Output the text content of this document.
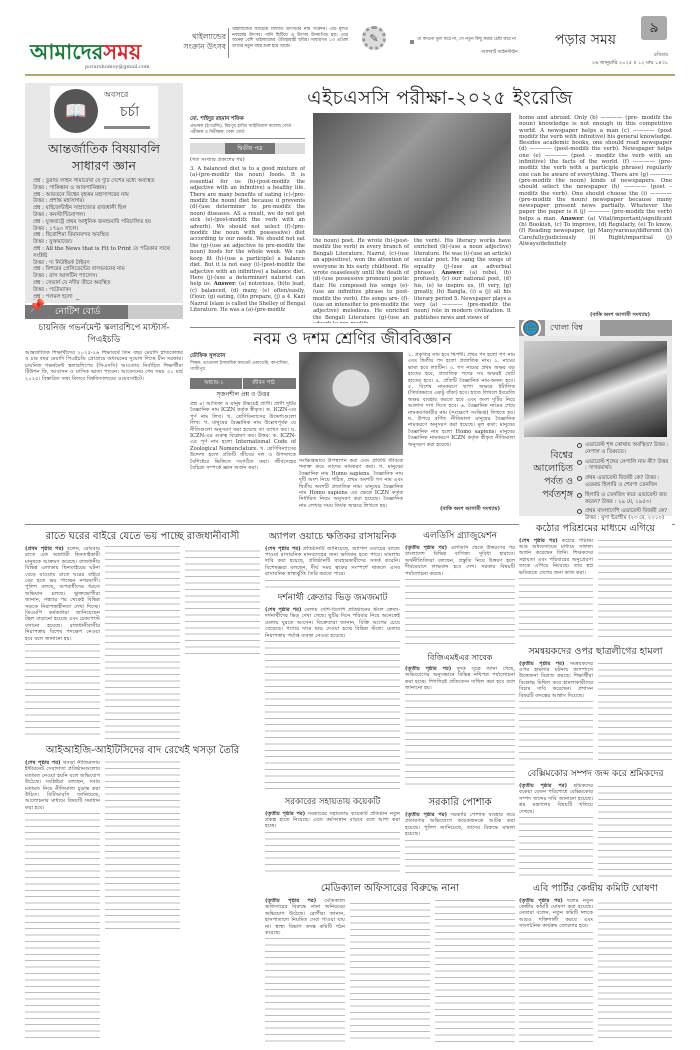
আমাদেরসময়
porarshomoy@gmail.com
থাইল্যান্ডের সংক্রান উৎসব
থাইল্যান্ডের সবচেয়ে বিখ্যাত উৎসবের নাম সংক্রান। এটি মূলত নববর্ষের উৎসব। পানি ছিটিয়ে এ উৎসব উদযাপিত হয়। এরে অনেক বেশি থাইল্যান্ডের ঐতিহ্যবাহী ছবির। সাধারণত ১৩ এপ্রিল তাদের নতুন বছর শুরু হয়ে থাকে।
✎	যে কখনো ভুল করে না, সে নতুন কিছু করার চেষ্টা করে না
-আলবার্ট আইনস্টাইন
পড়ার সময়
৯
রবিবার
২৬ জানুয়ারি ২০২৫ ॥ ১২ মাঘ ১৪৩১
📖
অবসরে
চর্চা
আন্তর্জাতিক বিষয়াবলি
সাধারণ জ্ঞান
প্রশ্ন : ডুরান্ড লাইন সীমারেখা যে দুটি দেশের মধ্যে অবস্থিত
উত্তর : পাকিস্তান ও আফগানিস্তান।
প্রশ্ন : আয়তনে বিশ্বের বৃহত্তম মহাসাগরের নাম
উত্তর : প্রশান্ত মহাসাগর।
প্রশ্ন : বাইজেন্টাইন সাম্রাজ্যের রাজধানী ছিল
উত্তর : কনস্টান্টিনোপল।
প্রশ্ন : যুক্তরাষ্ট্রে প্রথম আধুনিক জনশুমারি পরিচালিত হয়
উত্তর : ১৭৯০ সালে।
প্রশ্ন : হিরোশিমা বিমানবন্দর অবস্থিত
উত্তর : যুক্তরাজ্যে।
প্রশ্ন : All the News that is Fit to Print যে পত্রিকার সাথে সংশ্লিষ্ট
উত্তর : দ্য নিউইয়র্ক টাইমস
প্রশ্ন : মিশরের প্রেসিডেন্টের বাসভবনের নাম
উত্তর : রাস আলটিন প্যালেস।
প্রশ্ন : সেভার্ন যে নদীর তীরে অবস্থিত
উত্তর : পটোম্যাক।
প্রশ্ন : পলমল হলো
📌 নোটিশ বোর্ড
চায়নিজ গভর্নমেন্ট স্কলারশিপে মাস্টার্স-পিএইচডি
আন্তর্জাতিক শিক্ষার্থীদের ২০২৫-২৬ শিক্ষাবর্ষে তিন বছর মেয়াদি স্নাতকোত্তর ও চার বছর মেয়াদি পিএইচডি প্রোগ্রামে অধ্যয়নের সুযোগ দিচ্ছে চীন সরকার। চায়নিজ গভর্নমেন্ট স্কলারশিপের (সিএসসি) আওতায় নির্বাচিত শিক্ষার্থীরা টিউশন ফি, আবাসন ও মাসিক ভাতা পাবেন। আবেদনের শেষ সময় ৩১ মার্চ ২০২৫। বিস্তারিত তথ্য মিলবে বিশ্ববিদ্যালয়ের ওয়েবসাইটে।
এইচএসসি পরীক্ষা-২০২৫ ইংরেজি
মো. শাইদুর রহমান শফিক
প্রভাষক (ইংরেজি), মিরপুর হাবিব আইডিয়াল কলেজ বোর্ড পরীক্ষক ও নিরীক্ষক, ঢাকা বোর্ড
দ্বিতীয় পত্র
(গত সংখ্যার প্রকাশের পর)
3. A balanced diet is to a good mixture of (a)-(pre-modifz the noun) foods. It is essential for us (b)-(post-modifz the adjective with an infinitive) a healthy life. There are many benefits of eating (c)-(pre-modifz the noun) diet because it prevents (d)-(use determiner to pre-modifz the noun) diseases. AS a result, we do not get sick (e)-(post-modifz the verb with an adverb). We should not select (f)-(pre-modifz the noun with possessive) diet according to our needs. We should not eat the (g)-(use an adjective to pre-modifz the noun) foods for the whole week. We can keep fit (h)-(use a participle) a balance diet. But it is not easy (i)-(post-modifz the adjective with an infinitive) a balance diet. Here (j)-(use a determiner) naturist can help us. Answer: (a) notorious, (b)to lead, (c) balanced, (d) many, (e) often/easily, (f)our, (g) eating, (i)to prepare, (j) a 4. Kazi Nazrul Islam is called the Shelley of Bengal Literature. He was a (a)-(pre-modifz
the noun) poet. He wrote (b)-(post-modifz the verb) in every branch of Bengali Literature. Nazrul, (c)-(use an appositive), won the attention of everyone in his early childhood. He wrote ceaselessly until the death of (d)-(use possessive pronoun) poetic flair. He composed his songs (e)-(use an infinitive phrase to post-modifz the verb). His songs are- (f)-(use an intensifier to pre-modifz the adjective) melodious. He enriched the Bengali Literature (g)-(use an
the verb). His literary works have enriched (h)-(use a noun adjective) literature. He was (i)-(use an article) secular poet. He sang the songs of equality (j)-(use an adverbial phrase). Answer: (a) rebel, (b) profusely, (c) our national poet, (d) his, (e) to inspire us, (f) very, (g) greatly, (h) Bangla, (i) a (j) all his literary period 5. Newspaper plays a very (a) ———— (pre-modifz the noun) role in modern civilization. It publishes news and views of
home and abroad. Only (b) ———— (pre- modifz the noun) knowledge is not enough in this competitive world. A newspaper helps a man (c) ———— (post modifz the verb with infinitive) his general knowledge. Besides academic books, one should read newspaper (d) ———— (post-modifz the verb). Newspaper helps one (e) ———— (post – modifz the verb with an infinitive) the facts of the world. (f) ———— (pre-modifz the verb with a participle phrase) regularly one can be aware of everything. There are (g) ———— (pre-modifz the noun) kinds of newspapers. One should select the newspaper (h) ———— (post – modifz the verb). One should choose the (i) ———— (pre-modifz the noun) newspaper because many newspaper present news partially. Whatever the paper the paper is it (j) ———— (pre-modifz the verb) helps a man. Answer: (a) Vital/important/significant (b) Bookish, (c) To improve, (d) Regularly, (e) To know, (f) Reading newspaper, (g) Many/various/different (h) Carefully/judiciously (i) Right/imparitial (j) Always/definitely
(বাকি অংশ আগামী সংখ্যায়)
নবম ও দশম শ্রেণির জীববিজ্ঞান
তৌফিক সুলতান
শিক্ষক, ভাওয়াল ইসলামিক ক্যাডেট একাডেমি, কাপাসিয়া, গাজীপুর
অধ্যায়-১	জীবন পাঠ
সৃজনশীল প্রশ্ন ও উত্তর
প্রশ্ন ৪। আতিকা ও মানুষ উভয়েই প্রাণী। প্রাণী দুটির বৈজ্ঞানিক নাম ICZN কর্তৃক স্বীকৃত। ক. ICZN-এর পূর্ণ নাম লিখ। খ. শ্রেণিবিন্যাসের উদ্দেশ্যগুলো লিখ। গ. মানুষের বৈজ্ঞানিক নাম উল্লেখপূর্বক যে নীতিগুলো অনুসরণ করা হয়েছে তা ব্যাখ্যা কর। ঘ. ICZN-এর গুরুত্ব বিশ্লেষণ কর। উত্তর: ক. ICZN-এর পূর্ণ নাম হলো International Code of Zoological Nomenclature. খ. শ্রেণিবিন্যাসের উদ্দেশ্য হলো প্রতিটি জীবের দল ও উপদলকে বৈশিষ্ট্যের ভিত্তিতে সংগঠিত করা। জীবদেহের বৈচিত্র্য সম্পর্কে জ্ঞান অর্জন করা।
সংক্ষিপ্তভাবে উপস্থাপন করা এবং প্রতিটি জীবকে শনাক্ত করে তাদের নামকরণ করা। গ. মানুষের বৈজ্ঞানিক নাম Homo sapiens. বৈজ্ঞানিক নাম দুটি অংশ নিয়ে গঠিত, প্রথম অংশটি গণ নাম এবং দ্বিতীয় অংশটি প্রজাতিক নাম। মানুষের বৈজ্ঞানিক নাম Homo sapiens এর ক্ষেত্রে ICZN কর্তৃক নির্ধারিত নিয়ম অনুসরণ করা হয়েছে। বৈজ্ঞানিক নাম লেখার সময় তির্যক অক্ষরে লিখতে হয়।
১. প্রকৃতির নাম হবে দ্বিপদী। প্রথম পদ হলো গণ নাম এবং দ্বিতীয় পদ হলো প্রজাতিক নাম। ২. নামের ভাষা হবে ল্যাটিন। ৩. গণ নামের প্রথম অক্ষর বড় হাতের হবে, প্রজাতিক পদের সব অক্ষরই ছোট হাতের হবে। ৪. প্রতিটি বৈজ্ঞানিক নাম-অনন্য হবে। ৫. বিশেষ নামকরণে ছাপা অক্ষরে ইটালিক (তির্যকভাবে একটু বাঁকা) হবে। হাতে লিখলে ইংরেজি অক্ষর ব্যবহার করতে হবে এবং অংশ দুটির নিচে আলাদা দাগ দিতে হবে। ৬. বৈজ্ঞানিক নামের শেষে নামকরণকারীর নাম (সংক্ষেপে সংক্ষিপ্ত) লিখতে হয়। ঘ. উপরে বর্ণিত নীতিমালা মানুষের বৈজ্ঞানিক নামকরণে অনুসরণ করা হয়েছে। মূল কথা: মানুষের বৈজ্ঞানিক নাম হলো Homo sapiens। মানুষের বৈজ্ঞানিক নামকরণে ICZN কর্তৃক স্বীকৃত নীতিমালা অনুসরণ করা হয়েছে।
(বাকি অংশ আগামী সংখ্যায়)
🌐	খোলা বিশ্ব
বিশ্বের আলোচিত পর্বত ও পর্বতশৃঙ্গ
এভারেস্ট শৃঙ্গ কোথায় অবস্থিত? উত্তর : নেপাল ও তিব্বতে।
এভারেস্ট শৃঙ্গের নেপালি নাম কী? উত্তর : সাগরমাথা।
প্রথম এভারেস্ট বিজয়ী কে? উত্তর : এডমন্ড হিলারি ও শেরপা তেনজিং
হিলারি ও তেনজিং কবে এভারেস্ট জয় করেন? উত্তর : ২৯ মে, ১৯৫৩।
প্রথম বাংলাদেশি এভারেস্ট বিজয়ী কে? উত্তর : মুসা ইব্রাহীম (২৩ মে, ২০১০)
রাতে ঘরের বাইরে যেতে ভয় পাচ্ছে রাজধানীবাসী
(প্রথম পৃষ্ঠার পর) বলেন, রোববার রাতে এক অস্ত্রধারী ছিনতাইকারী মানুষকে আক্রমণ করেছে। রাজধানীর বিভিন্ন এলাকায় ছিনতাইয়ের ঘটনা বেড়ে যাওয়ায় রাতে ঘরের বাইরে বের হতে ভয় পাচ্ছেন নগরবাসী। পুলিশ বলছে, অপরাধীদের ধরতে অভিযান চলছে। ভুক্তভোগীরা জানান, সন্ধ্যার পর থেকেই বিভিন্ন সড়কে নিরাপত্তাহীনতা দেখা দিচ্ছে। ডিএমপি কর্মকর্তারা জানিয়েছেন টহল বাড়ানো হয়েছে এবং চেকপোস্ট বসানো হয়েছে। রাজধানীবাসীর নিরাপত্তায় বিশেষ পদক্ষেপ নেওয়া হবে বলে জানানো হয়।
অ্যাপল ওয়াচে ক্ষতিকর রাসায়নিক
(শেষ পৃষ্ঠার পর) প্রতিষ্ঠানটি জানিয়েছে, অ্যাপল ওয়াচের ব্যান্ডে পাওয়া রাসায়নিক মানবদেহের জন্য ক্ষতিকর হতে পারে। মামলায় দাবি করা হয়েছে, প্রতিষ্ঠানটি ব্যবহারকারীদের সতর্ক করেনি। বিশেষজ্ঞরা বলছেন, দীর্ঘ সময় ত্বকের সংস্পর্শে থাকলে এসব রাসায়নিক স্বাস্থ্যঝুঁকি তৈরি করতে পারে।
দর্শনার্থী ক্রেতার ভিড় জমজমাট
(শেষ পৃষ্ঠার পর) মেলায় দেশি-বিদেশি প্রতিষ্ঠানের স্টলে ক্রেতা-দর্শনার্থীদের ভিড় দেখা গেছে। ছুটির দিনে পরিবার নিয়ে অনেকেই মেলায় ঘুরতে আসেন। বিক্রেতারা জানান, বিক্রি আগের চেয়ে বেড়েছে। পণ্যের দামে ছাড় দেওয়া হচ্ছে বিভিন্ন স্টলে। মেলার নিরাপত্তায় পর্যাপ্ত ব্যবস্থা নেওয়া হয়েছে।
এলডিসি গ্র্যাজুয়েশন
(তৃতীয় পৃষ্ঠার পর) এলডিসি থেকে উত্তরণের পর বাংলাদেশ বিভিন্ন বাণিজ্য সুবিধা হারাবে। অর্থনীতিবিদরা বলছেন, প্রস্তুতি নিয়ে উত্তরণ হলে দীর্ঘমেয়াদে লাভবান হবে দেশ। সরকার বিষয়টি পর্যালোচনা করছে।
কঠোর পরিশ্রমের মাধ্যমে এগিয়ে
(শেষ পৃষ্ঠার পর) কঠোর পরিশ্রম আর অধ্যবসায়ের মাধ্যমে সাফল্য অর্জন করেছেন তিনি। শিক্ষকদের সহায়তা এবং পরিবারের অনুপ্রেরণা তাকে এগিয়ে নিয়েছে। তার স্বপ্ন ভবিষ্যতে দেশের জন্য কাজ করা।
বিজিএমইএর সাবেক
(তৃতীয় পৃষ্ঠার পর) দুদক সূত্রে জানা গেছে, অভিযোগের অনুসন্ধানে বিভিন্ন নথিপত্র পর্যালোচনা করা হচ্ছে। শিগগিরই প্রতিবেদন দাখিল করা হবে বলে জানানো হয়।
সমন্বয়কদের ওপর ছাত্রলীগের হামলা
(তৃতীয় পৃষ্ঠার পর) সমন্বয়কদের ওপর হামলার ঘটনায় ক্যাম্পাসে উত্তেজনা বিরাজ করছে। শিক্ষার্থীরা বিক্ষোভ মিছিল করে হামলাকারীদের বিচার দাবি করেছেন। প্রশাসন বিষয়টি তদন্তের আশ্বাস দিয়েছে।
আইআইজি-আইটিসিদের বাদ রেখেই খসড়া তৈরি
(শেষ পৃষ্ঠার পর) খসড়া নীতিমালায় ইন্টারনেট সেবাদাতা প্রতিষ্ঠানগুলোর মতামত নেওয়া হয়নি বলে অভিযোগ উঠেছে। সংশ্লিষ্টরা বলছেন, সবার মতামত নিয়ে নীতিমালা চূড়ান্ত করা উচিত। বিটিআরসি জানিয়েছে, আলোচনার মাধ্যমে বিষয়টি সমাধান করা হবে।
সরকারের সহায়তায় কয়েকটি
(তৃতীয় পৃষ্ঠার পর) সরকারের সহায়তায় কয়েকটি প্রতিষ্ঠান নতুন প্রকল্প হাতে নিয়েছে। এতে কর্মসংস্থান বাড়বে বলে আশা করা হচ্ছে।
সরকারি পোশাক
(তৃতীয় পৃষ্ঠার পর) সরকারি পোশাক ব্যবহার করে প্রতারণার অভিযোগে কয়েকজনকে আটক করা হয়েছে। পুলিশ জানিয়েছে, তাদের বিরুদ্ধে মামলা হয়েছে।
বেক্সিমকোর সম্পদ জব্দ করে শ্রমিকদের
(তৃতীয় পৃষ্ঠার পর) শ্রমিকদের বকেয়া বেতন পরিশোধে বেক্সিমকোর সম্পদ জব্দের দাবি জানানো হয়েছে। শ্রম মন্ত্রণালয় বিষয়টি খতিয়ে দেখছে।
মেডিক্যাল অফিসারের বিরুদ্ধে নানা
(তৃতীয় পৃষ্ঠার পর) মেডিক্যাল অফিসারের বিরুদ্ধে নানা অনিয়মের অভিযোগ উঠেছে। রোগীরা জানান, হাসপাতালে নিয়মিত সেবা পাওয়া যায় না। স্বাস্থ্য বিভাগ তদন্ত কমিটি গঠন করেছে।
এবি পার্টির কেন্দ্রীয় কমিটি ঘোষণা
(তৃতীয় পৃষ্ঠার পর) দলের নতুন কেন্দ্রীয় কমিটি ঘোষণা করা হয়েছে। নেতারা বলেন, নতুন কমিটি দলকে আরও শক্তিশালী করবে এবং সাংগঠনিক কার্যক্রম জোরদার হবে।
